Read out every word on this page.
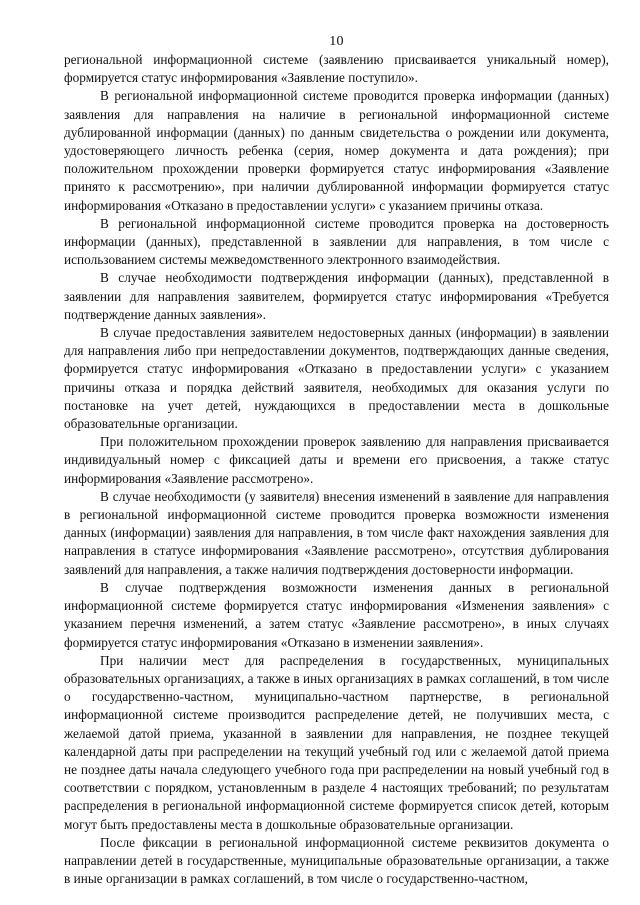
10

региональной информационной системе (заявлению присваивается уникальный номер), формируется статус информирования «Заявление поступило».

В региональной информационной системе проводится проверка информации (данных) заявления для направления на наличие в региональной информационной системе дублированной информации (данных) по данным свидетельства о рождении или документа, удостоверяющего личность ребенка (серия, номер документа и дата рождения); при положительном прохождении проверки формируется статус информирования «Заявление принято к рассмотрению», при наличии дублированной информации формируется статус информирования «Отказано в предоставлении услуги» с указанием причины отказа.

В региональной информационной системе проводится проверка на достоверность информации (данных), представленной в заявлении для направления, в том числе с использованием системы межведомственного электронного взаимодействия.

В случае необходимости подтверждения информации (данных), представленной в заявлении для направления заявителем, формируется статус информирования «Требуется подтверждение данных заявления».

В случае предоставления заявителем недостоверных данных (информации) в заявлении для направления либо при непредоставлении документов, подтверждающих данные сведения, формируется статус информирования «Отказано в предоставлении услуги» с указанием причины отказа и порядка действий заявителя, необходимых для оказания услуги по постановке на учет детей, нуждающихся в предоставлении места в дошкольные образовательные организации.

При положительном прохождении проверок заявлению для направления присваивается индивидуальный номер с фиксацией даты и времени его присвоения, а также статус информирования «Заявление рассмотрено».

В случае необходимости (у заявителя) внесения изменений в заявление для направления в региональной информационной системе проводится проверка возможности изменения данных (информации) заявления для направления, в том числе факт нахождения заявления для направления в статусе информирования «Заявление рассмотрено», отсутствия дублирования заявлений для направления, а также наличия подтверждения достоверности информации.

В случае подтверждения возможности изменения данных в региональной информационной системе формируется статус информирования «Изменения заявления» с указанием перечня изменений, а затем статус «Заявление рассмотрено», в иных случаях формируется статус информирования «Отказано в изменении заявления».

При наличии мест для распределения в государственных, муниципальных образовательных организациях, а также в иных организациях в рамках соглашений, в том числе о государственно-частном, муниципально-частном партнерстве, в региональной информационной системе производится распределение детей, не получивших места, с желаемой датой приема, указанной в заявлении для направления, не позднее текущей календарной даты при распределении на текущий учебный год или с желаемой датой приема не позднее даты начала следующего учебного года при распределении на новый учебный год в соответствии с порядком, установленным в разделе 4 настоящих требований; по результатам распределения в региональной информационной системе формируется список детей, которым могут быть предоставлены места в дошкольные образовательные организации.

После фиксации в региональной информационной системе реквизитов документа о направлении детей в государственные, муниципальные образовательные организации, а также в иные организации в рамках соглашений, в том числе о государственно-частном,
